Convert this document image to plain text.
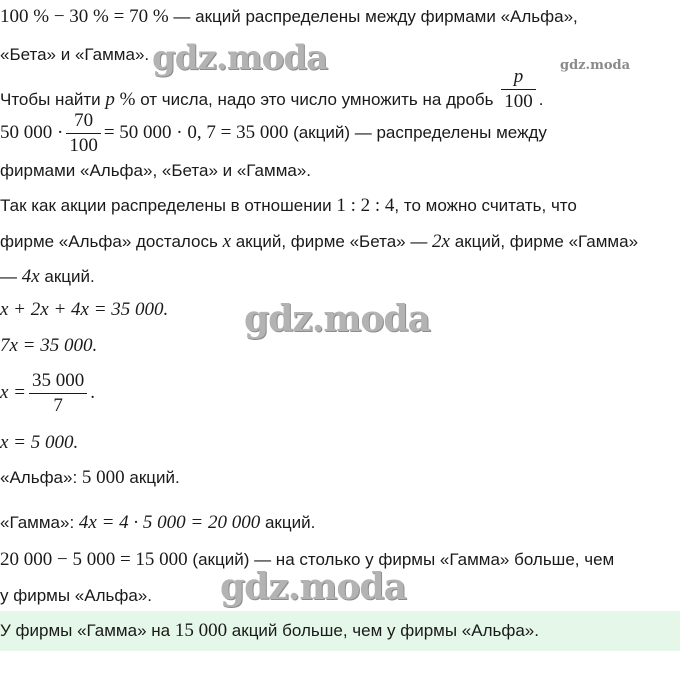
100 % − 30 % = 70 % — акций распределены между фирмами «Альфа»,
«Бета» и «Гамма».
Чтобы найти p % от числа, надо это число умножить на дробь $\frac{p}{100}$ .
50 $000 \cdot \frac{70}{100} = 50$ 000 · 0, 7 = 35 000 (акций) — распределены между
фирмами «Альфа», «Бета» и «Гамма».
Так как акции распределены в отношении 1 : 2 : 4, то можно считать, что
фирме «Альфа» досталось x акций, фирме «Бета» — 2x акций, фирме «Гамма»
— 4x акций.
x + 2x + 4x = 35 000.
7x = 35 000.
$x = \frac{35 000}{7}$ .
x = 5 000.
«Альфа»: 5 000 акций.
«Гамма»: 4x = 4 · 5 000 = 20 000 акций.
20 000 − 5 000 = 15 000 (акций) — на столько у фирмы «Гамма» больше, чем
у фирмы «Альфа».
У фирмы «Гамма» на 15 000 акций больше, чем у фирмы «Альфа».
gdz.moda	gdz.moda
gdz.moda
gdz.moda
